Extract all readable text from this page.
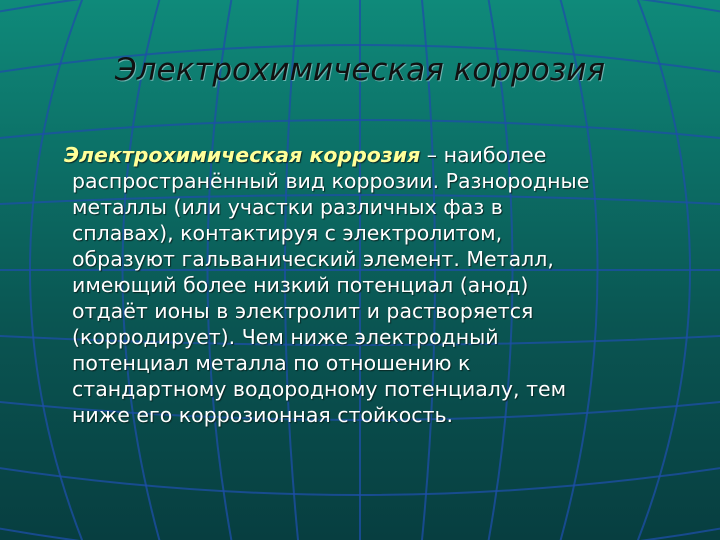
Электрохимическая коррозия
Электрохимическая коррозия – наиболее
распространённый вид коррозии. Разнородные
металлы (или участки различных фаз в
сплавах), контактируя с электролитом,
образуют гальванический элемент. Металл,
имеющий более низкий потенциал (анод)
отдаёт ионы в электролит и растворяется
(корродирует). Чем ниже электродный
потенциал металла по отношению к
стандартному водородному потенциалу, тем
ниже его коррозионная стойкость.
